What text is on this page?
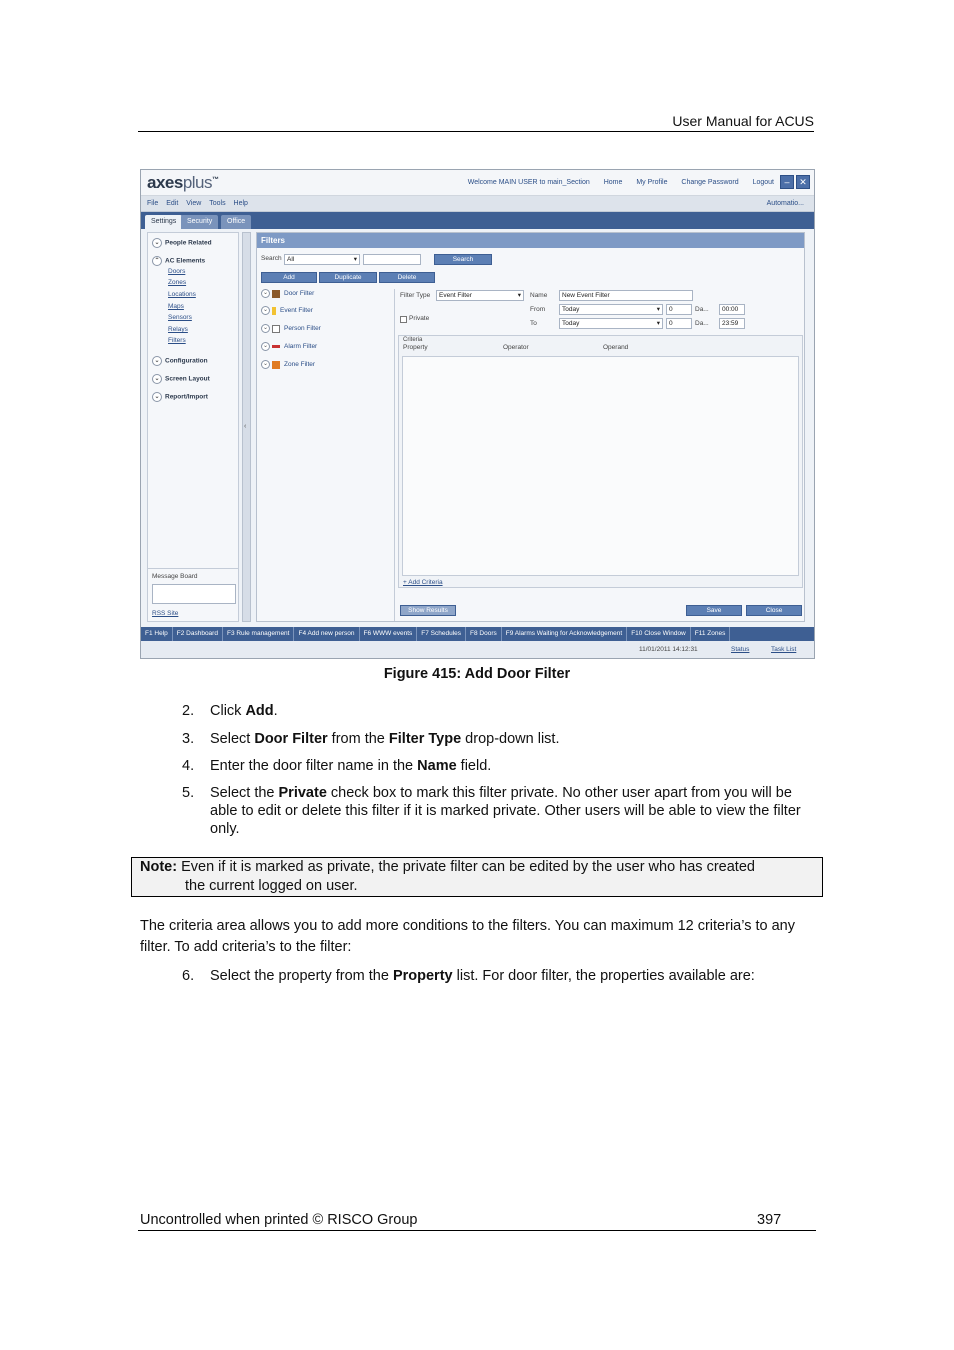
User Manual for ACUS
axesplus™	Welcome MAIN USER to main_Section Home My Profile Change Password Logout	–	✕
File Edit View Tools Help	Automatio...
Settings	Security	Office
⌄ People Related
⌃ AC Elements
Doors
Zones
Locations
Maps
Sensors
Relays
Filters
⌄ Configuration
⌄ Screen Layout
⌄ Report/Import
Message Board
RSS Site
‹
Filters
Search All	▾	Search
Add	Duplicate	Delete
⌄ Door Filter
⌄ Event Filter
⌄ Person Filter
⌄ Alarm Filter
⌄ Zone Filter
Filter Type	Event Filter	▾ Name	New Event Filter
Private
From	Today	▾	0	Da...	00:00
To	Today	▾	0	Da...	23:59
Criteria
Property	Operator	Operand
+ Add Criteria
Show Results	Save	Close
F1 Help F2 Dashboard F3 Rule management F4 Add new person F6 WWW events F7 Schedules F8 Doors F9 Alarms Waiting for Acknowledgement F10 Close Window F11 Zones
11/01/2011 14:12:31	Status	Task List
Figure 415: Add Door Filter
2. Click Add.
3. Select Door Filter from the Filter Type drop-down list.
4. Enter the door filter name in the Name field.
5. Select the Private check box to mark this filter private. No other user apart from you will be able to edit or delete this filter if it is marked private. Other users will be able to view the filter only.
Note: Even if it is marked as private, the private filter can be edited by the user who has created
the current logged on user.
The criteria area allows you to add more conditions to the filters. You can maximum 12 criteria’s to any filter. To add criteria’s to the filter:
6. Select the property from the Property list. For door filter, the properties available are:
Uncontrolled when printed © RISCO Group	397
